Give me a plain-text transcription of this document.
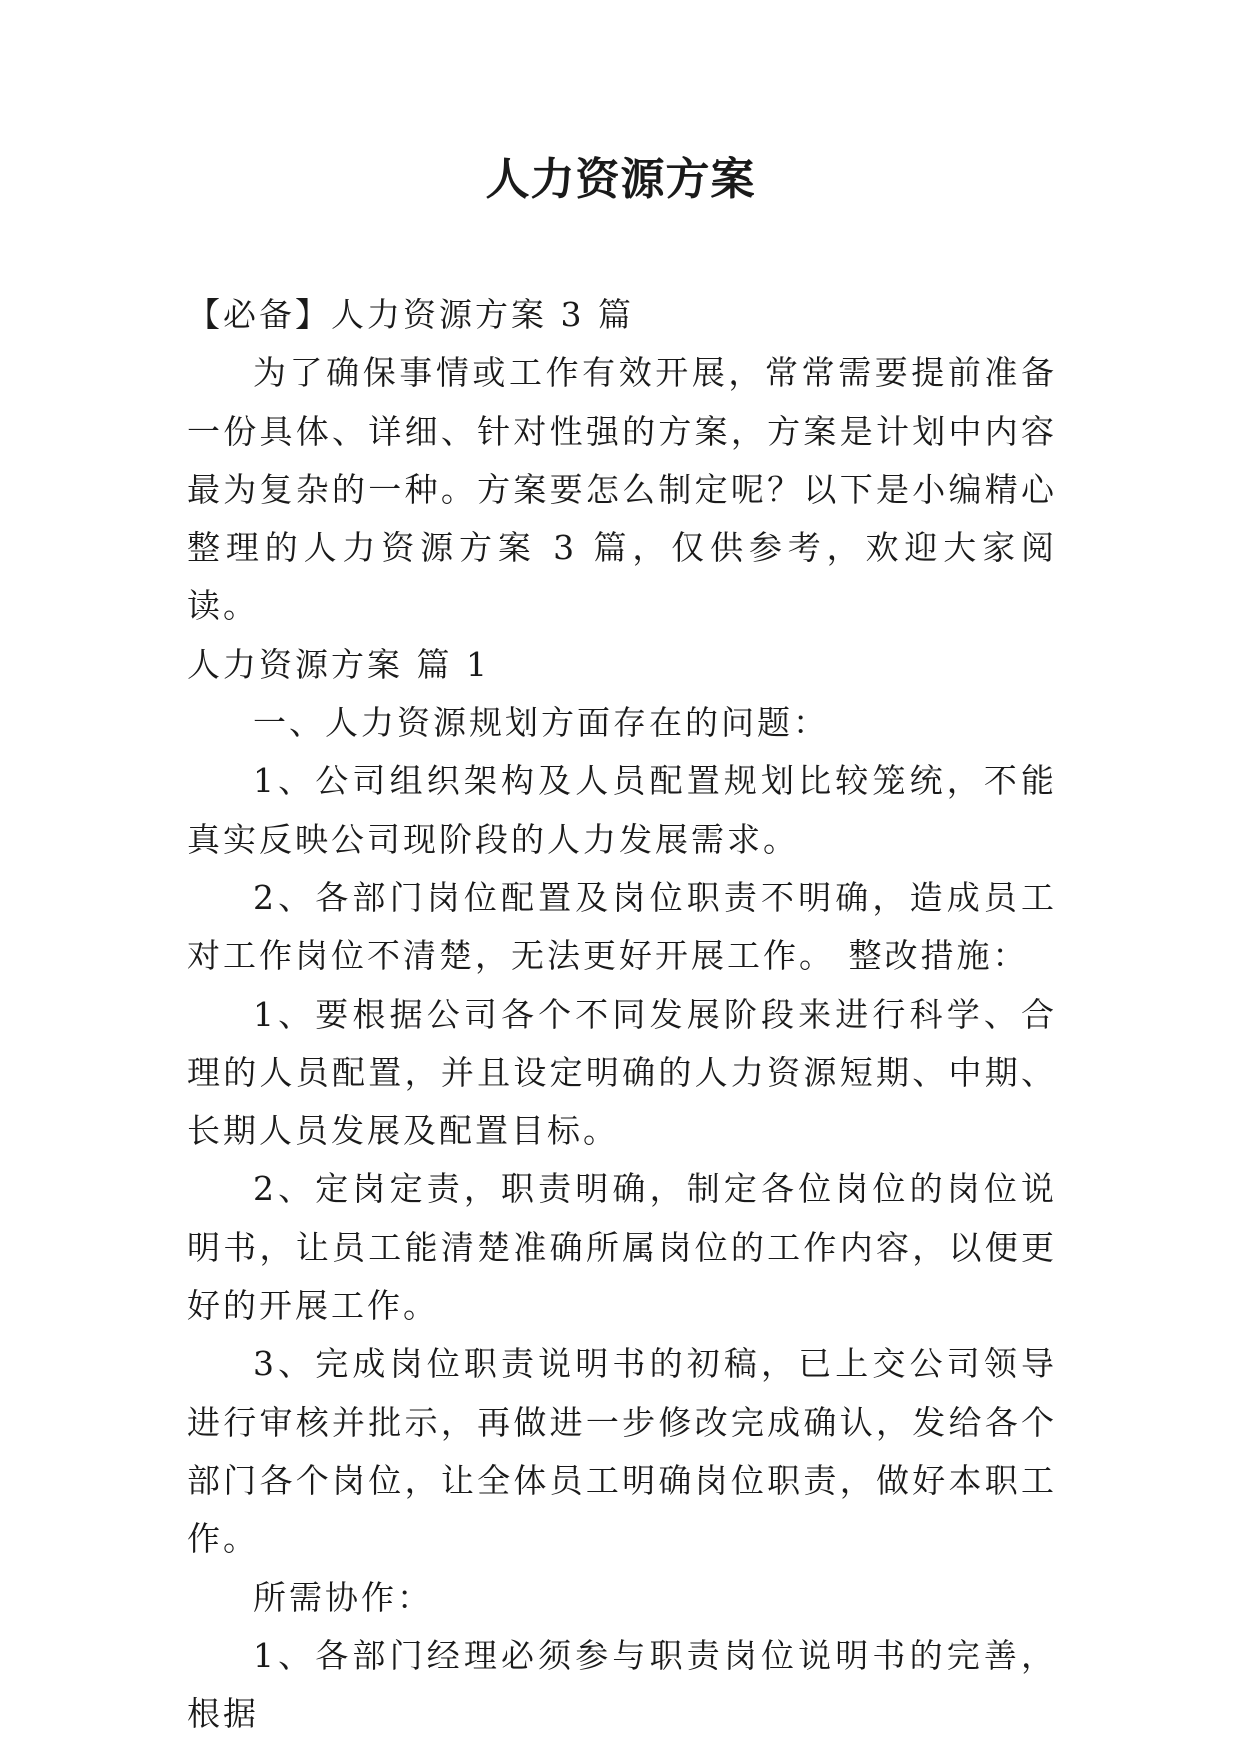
人力资源方案

【必备】人力资源方案 3 篇

为了确保事情或工作有效开展，常常需要提前准备一份具体、详细、针对性强的方案，方案是计划中内容最为复杂的一种。方案要怎么制定呢？以下是小编精心整理的人力资源方案 3 篇，仅供参考，欢迎大家阅读。

人力资源方案 篇 1

一、人力资源规划方面存在的问题：

1、公司组织架构及人员配置规划比较笼统，不能真实反映公司现阶段的人力发展需求。

2、各部门岗位配置及岗位职责不明确，造成员工对工作岗位不清楚，无法更好开展工作。 整改措施：

1、要根据公司各个不同发展阶段来进行科学、合理的人员配置，并且设定明确的人力资源短期、中期、长期人员发展及配置目标。

2、定岗定责，职责明确，制定各位岗位的岗位说明书，让员工能清楚准确所属岗位的工作内容，以便更好的开展工作。

3、完成岗位职责说明书的初稿，已上交公司领导进行审核并批示，再做进一步修改完成确认，发给各个部门各个岗位，让全体员工明确岗位职责，做好本职工作。

所需协作：

1、各部门经理必须参与职责岗位说明书的完善，根据
